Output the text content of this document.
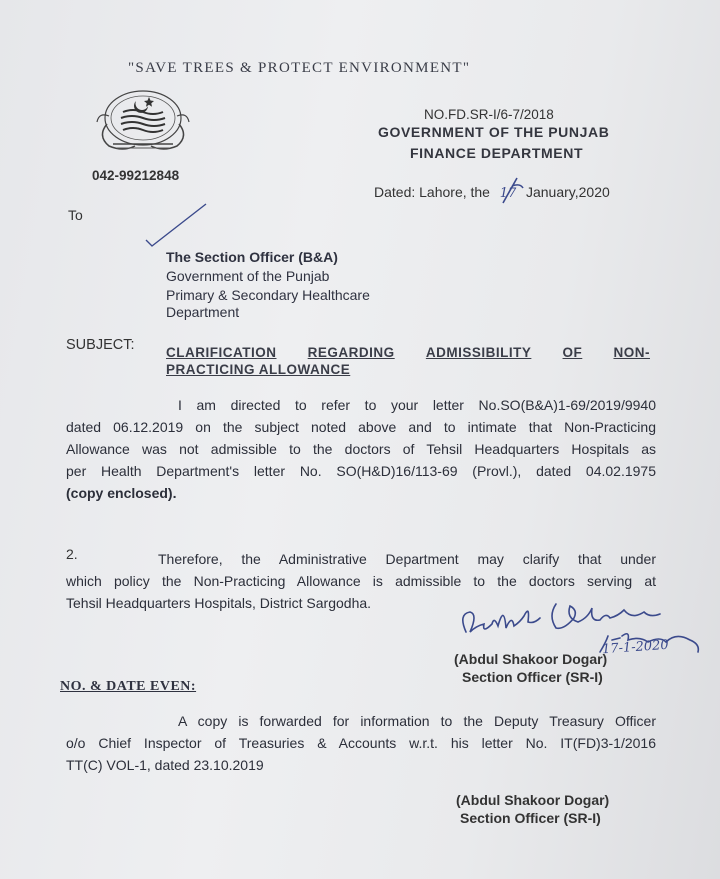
"SAVE TREES & PROTECT ENVIRONMENT"
NO.FD.SR-I/6-7/2018
GOVERNMENT OF THE PUNJAB
FINANCE DEPARTMENT
042-99212848
Dated: Lahore, the 17 January,2020
To
The Section Officer (B&A)
Government of the Punjab
Primary & Secondary Healthcare
Department
SUBJECT: CLARIFICATION REGARDING ADMISSIBILITY OF NON-
PRACTICING ALLOWANCE
I am directed to refer to your letter No.SO(B&A)1-69/2019/9940
dated 06.12.2019 on the subject noted above and to intimate that Non-Practicing
Allowance was not admissible to the doctors of Tehsil Headquarters Hospitals as
per Health Department's letter No. SO(H&D)16/113-69 (Provl.), dated 04.02.1975
(copy enclosed).
2.	Therefore, the Administrative Department may clarify that under
which policy the Non-Practicing Allowance is admissible to the doctors serving at
Tehsil Headquarters Hospitals, District Sargodha.
(Abdul Shakoor Dogar)
Section Officer (SR-I)
17-1-2020
NO. & DATE EVEN:
A copy is forwarded for information to the Deputy Treasury Officer
o/o Chief Inspector of Treasuries & Accounts w.r.t. his letter No. IT(FD)3-1/2016
TT(C) VOL-1, dated 23.10.2019
(Abdul Shakoor Dogar)
Section Officer (SR-I)
